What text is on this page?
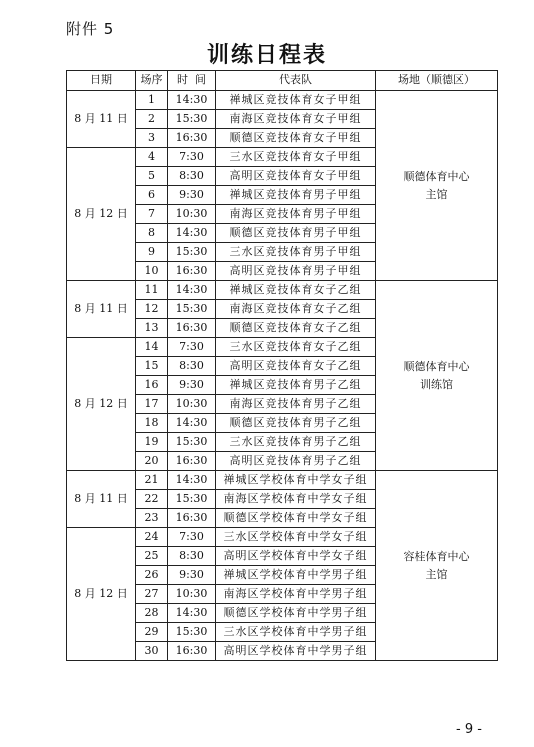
附件 5
训练日程表
日期	场序	时  间	代表队	场地（顺德区）
8 月 11 日	1	14:30	禅城区竞技体育女子甲组	顺德体育中心
主馆

	2	15:30	南海区竞技体育女子甲组	
	3	16:30	顺德区竞技体育女子甲组	
8 月 12 日	4	7:30	三水区竞技体育女子甲组	
	5	8:30	高明区竞技体育女子甲组	
	6	9:30	禅城区竞技体育男子甲组	
	7	10:30	南海区竞技体育男子甲组	
	8	14:30	顺德区竞技体育男子甲组	
	9	15:30	三水区竞技体育男子甲组	
	10	16:30	高明区竞技体育男子甲组	
8 月 11 日	11	14:30	禅城区竞技体育女子乙组	顺德体育中心
训练馆

	12	15:30	南海区竞技体育女子乙组	
	13	16:30	顺德区竞技体育女子乙组	
8 月 12 日	14	7:30	三水区竞技体育女子乙组	
	15	8:30	高明区竞技体育女子乙组	
	16	9:30	禅城区竞技体育男子乙组	
	17	10:30	南海区竞技体育男子乙组	
	18	14:30	顺德区竞技体育男子乙组	
	19	15:30	三水区竞技体育男子乙组	
	20	16:30	高明区竞技体育男子乙组	
8 月 11 日	21	14:30	禅城区学校体育中学女子组	容桂体育中心
主馆

	22	15:30	南海区学校体育中学女子组	
	23	16:30	顺德区学校体育中学女子组	
8 月 12 日	24	7:30	三水区学校体育中学女子组	
	25	8:30	高明区学校体育中学女子组	
	26	9:30	禅城区学校体育中学男子组	
	27	10:30	南海区学校体育中学男子组	
	28	14:30	顺德区学校体育中学男子组	
	29	15:30	三水区学校体育中学男子组	
	30	16:30	高明区学校体育中学男子组	
- 9 -
